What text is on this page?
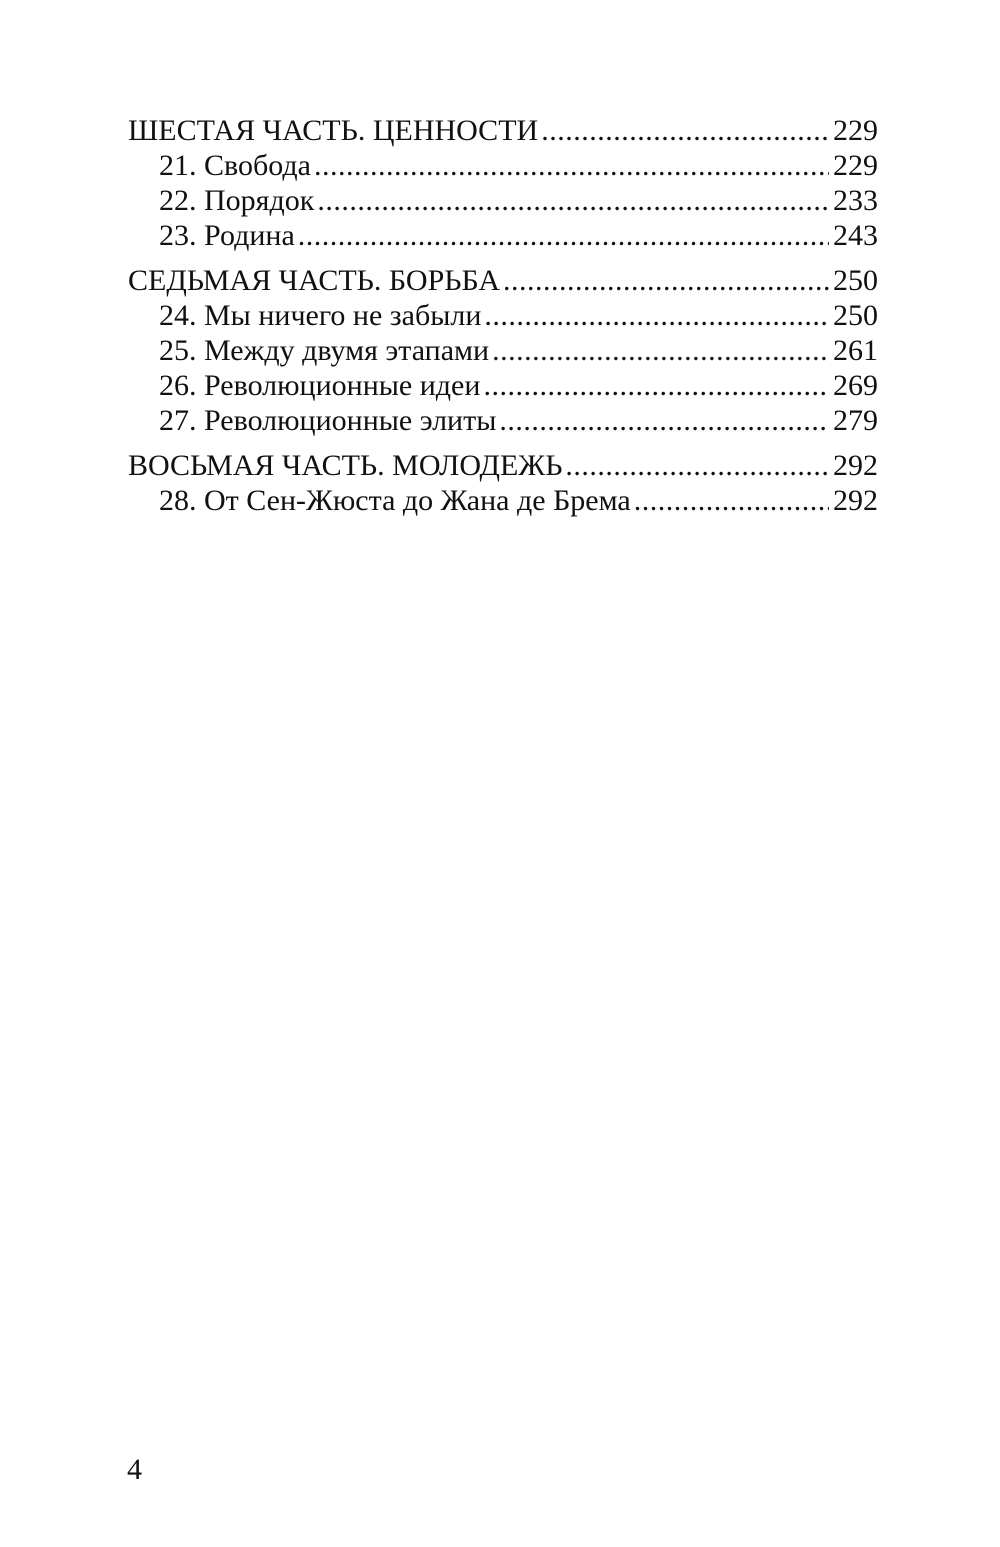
ШЕСТАЯ ЧАСТЬ. ЦЕННОСТИ .....	229
21. Свобода .....	229
22. Порядок .....	233
23. Родина .....	243
СЕДЬМАЯ ЧАСТЬ. БОРЬБА .....	250
24. Мы ничего не забыли .....	250
25. Между двумя этапами .....	261
26. Революционные идеи .....	269
27. Революционные элиты .....	279
ВОСЬМАЯ ЧАСТЬ. МОЛОДЕЖЬ .....	292
28. От Сен-Жюста до Жана де Брема .....	292
4
